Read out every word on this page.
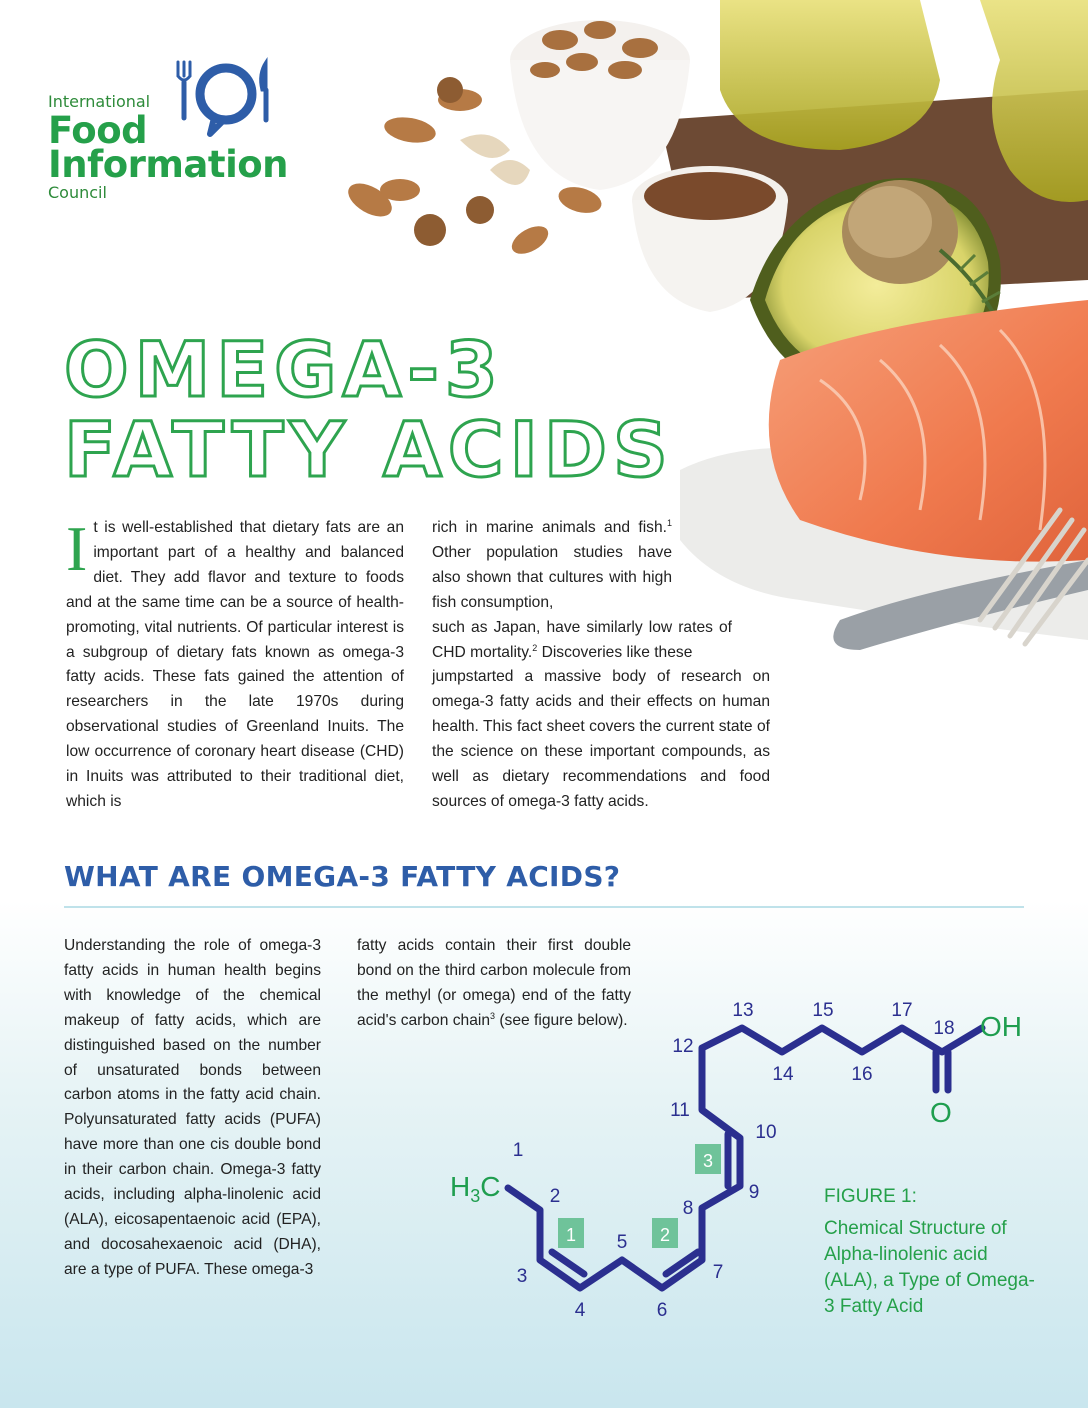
International
Food
Information
Council
OMEGA-3
FATTY ACIDS
I t is well-established that dietary fats are an important part of a healthy and balanced diet. They add flavor and texture to foods and at the same time can be a source of health-promoting, vital nutrients. Of particular interest is a subgroup of dietary fats known as omega-3 fatty acids. These fats gained the attention of researchers in the late 1970s during observational studies of Greenland Inuits. The low occurrence of coronary heart disease (CHD) in Inuits was attributed to their traditional diet, which is

rich in marine animals and fish.$^1$ Other population studies have also shown that cultures with high fish consumption,

such as Japan, have similarly low rates of CHD mortality.$^2$ Discoveries like these

jumpstarted a massive body of research on omega-3 fatty acids and their effects on human health. This fact sheet covers the current state of the science on these important compounds, as well as dietary recommendations and food sources of omega-3 fatty acids.

WHAT ARE OMEGA-3 FATTY ACIDS?
Understanding the role of omega-3 fatty acids in human health begins with knowledge of the chemical makeup of fatty acids, which are distinguished based on the number of unsaturated bonds between carbon atoms in the fatty acid chain. Polyunsaturated fatty acids (PUFA) have more than one cis double bond in their carbon chain. Omega-3 fatty acids, including alpha-linolenic acid (ALA), eicosapentaenoic acid (EPA), and docosahexaenoic acid (DHA), are a type of PUFA. These omega-3
fatty acids contain their first double bond on the third carbon molecule from the methyl (or omega) end of the fatty acid's carbon chain$^3$ (see figure below).
1	2
3
$H_3C$
OH
O
1
2
3
4
5
6
7
8
9
10
11
12
13
14
15
16
17
18
FIGURE 1:
Chemical Structure of Alpha-linolenic acid (ALA), a Type of Omega-3 Fatty Acid
